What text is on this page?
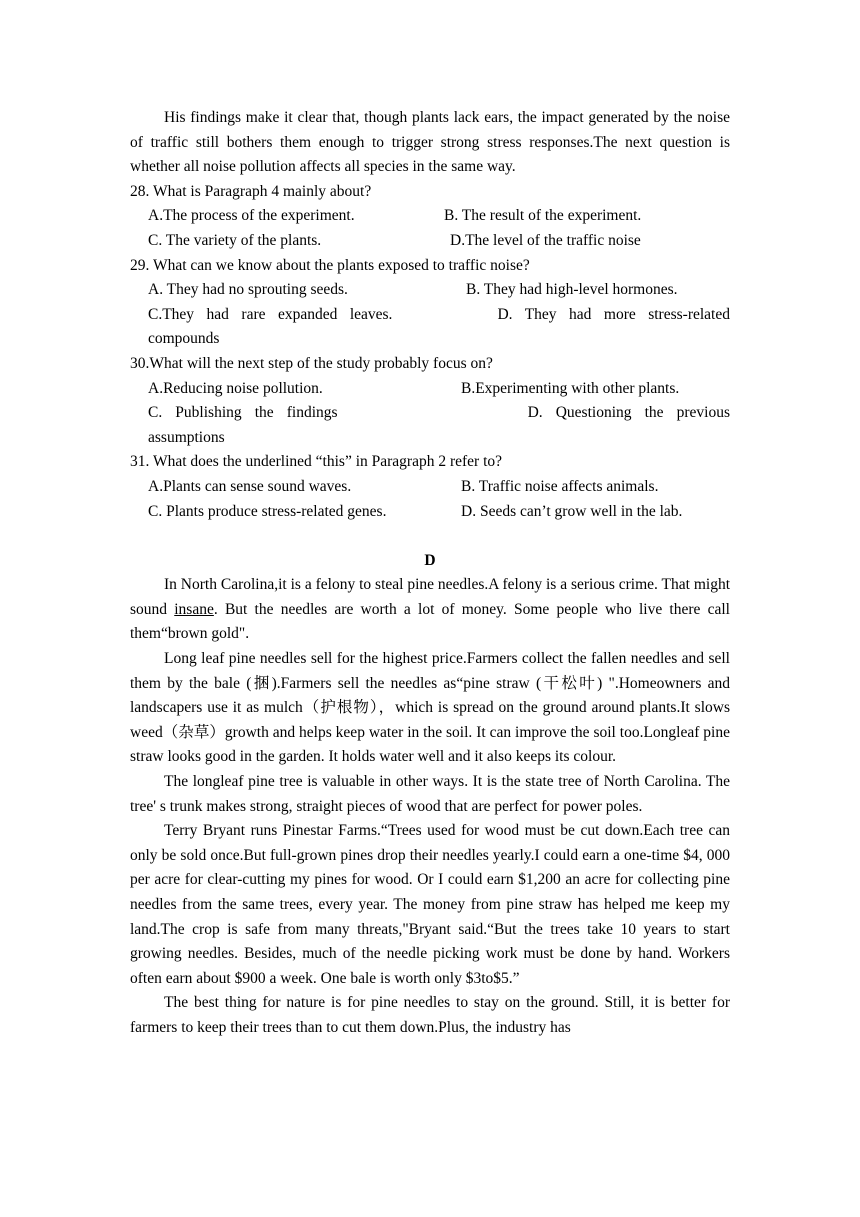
His findings make it clear that, though plants lack ears, the impact generated by the noise of traffic still bothers them enough to trigger strong stress responses.The next question is whether all noise pollution affects all species in the same way.

28. What is Paragraph 4 mainly about?

A.The process of the experiment.	B. The result of the experiment.
C. The variety of the plants.	D.The level of the traffic noise

29. What can we know about the plants exposed to traffic noise?

A. They had no sprouting seeds.	B. They had high-level hormones.

C.They had rare expanded leaves.	D. They had more stress-related compounds

30.What will the next step of the study probably focus on?

A.Reducing noise pollution.	B.Experimenting with other plants.

C. Publishing the findings	D. Questioning the previous assumptions

31. What does the underlined “this” in Paragraph 2 refer to?

A.Plants can sense sound waves.	B. Traffic noise affects animals.
C. Plants produce stress-related genes.	D. Seeds can’t grow well in the lab.

D

In North Carolina,it is a felony to steal pine needles.A felony is a serious crime. That might sound insane. But the needles are worth a lot of money. Some people who live there call them“brown gold".

Long leaf pine needles sell for the highest price.Farmers collect the fallen needles and sell them by the bale (捆).Farmers sell the needles as“pine straw (干松叶) ".Homeowners and landscapers use it as mulch（护根物），which is spread on the ground around plants.It slows weed（杂草）growth and helps keep water in the soil. It can improve the soil too.Longleaf pine straw looks good in the garden. It holds water well and it also keeps its colour.

The longleaf pine tree is valuable in other ways. It is the state tree of North Carolina. The tree' s trunk makes strong, straight pieces of wood that are perfect for power poles.

Terry Bryant runs Pinestar Farms.“Trees used for wood must be cut down.Each tree can only be sold once.But full-grown pines drop their needles yearly.I could earn a one-time $4, 000 per acre for clear-cutting my pines for wood. Or I could earn $1,200 an acre for collecting pine needles from the same trees, every year. The money from pine straw has helped me keep my land.The crop is safe from many threats,"Bryant said.“But the trees take 10 years to start growing needles. Besides, much of the needle picking work must be done by hand. Workers often earn about $900 a week. One bale is worth only $3to$5.”

The best thing for nature is for pine needles to stay on the ground. Still, it is better for farmers to keep their trees than to cut them down.Plus, the industry has
